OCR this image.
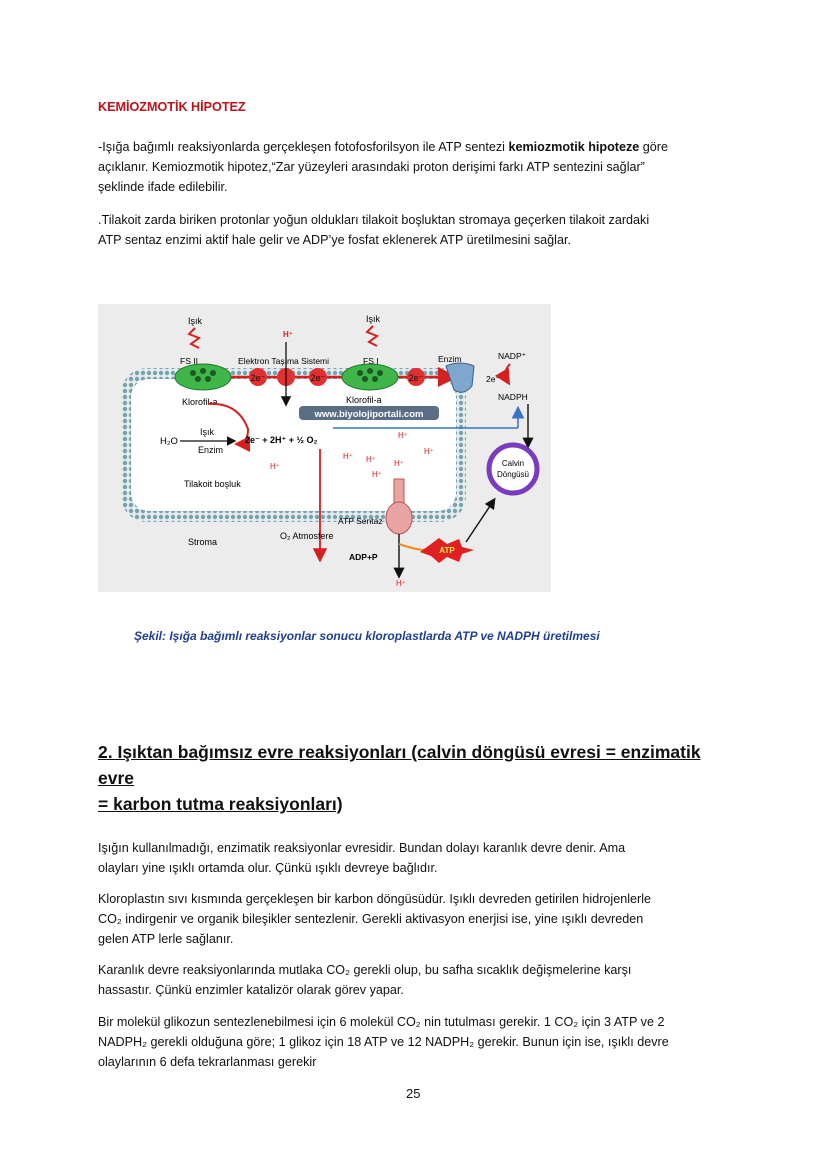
KEMİOZMOTİK HİPOTEZ
-Işığa bağımlı reaksiyonlarda gerçekleşen fotofosforilsyon ile ATP sentezi kemiozmotik hipoteze göre
açıklanır. Kemiozmotik hipotez,“Zar yüzeyleri arasındaki proton derişimi farkı ATP sentezini sağlar”
şeklinde ifade edilebilir.
.Tilakoit zarda biriken protonlar yoğun oldukları tilakoit boşluktan stromaya geçerken tilakoit zardaki
ATP sentaz enzimi aktif hale gelir ve ADP’ye fosfat eklenerek ATP üretilmesini sağlar.
2e⁻	2e⁻	2e⁻
Işık	Işık
H⁺
FS II	Elektron Taşıma Sistemi	FS I	Enzim	NADP⁺
2e⁻
NADPH
Klorofil-a	Klorofil-a
www.biyolojiportali.com
Işık
H₂O
Enzim
2e⁻ + 2H⁺ + ½ O₂	H⁺
H⁺
H⁺ H⁺ H⁺
H⁺
H⁺
Tilakoit boşluk
Calvin
Döngüsü
ATP Sentaz
Stroma
O₂ Atmosfere
ADP+P
ATP
H⁺
Şekil: Işığa bağımlı reaksiyonlar sonucu kloroplastlarda ATP ve NADPH üretilmesi
2. Işıktan bağımsız evre reaksiyonları (calvin döngüsü evresi = enzimatik evre
= karbon tutma reaksiyonları)
Işığın kullanılmadığı, enzimatik reaksiyonlar evresidir. Bundan dolayı karanlık devre denir. Ama
olayları yine ışıklı ortamda olur. Çünkü ışıklı devreye bağlıdır.
Kloroplastın sıvı kısmında gerçekleşen bir karbon döngüsüdür. Işıklı devreden getirilen hidrojenlerle
CO₂ indirgenir ve organik bileşikler sentezlenir. Gerekli aktivasyon enerjisi ise, yine ışıklı devreden
gelen ATP lerle sağlanır.
Karanlık devre reaksiyonlarında mutlaka CO₂ gerekli olup, bu safha sıcaklık değişmelerine karşı
hassastır. Çünkü enzimler katalizör olarak görev yapar.
Bir molekül glikozun sentezlenebilmesi için 6 molekül CO₂ nin tutulması gerekir. 1 CO₂ için 3 ATP ve 2
NADPH₂ gerekli olduğuna göre; 1 glikoz için 18 ATP ve 12 NADPH₂ gerekir. Bunun için ise, ışıklı devre
olaylarının 6 defa tekrarlanması gerekir
25
